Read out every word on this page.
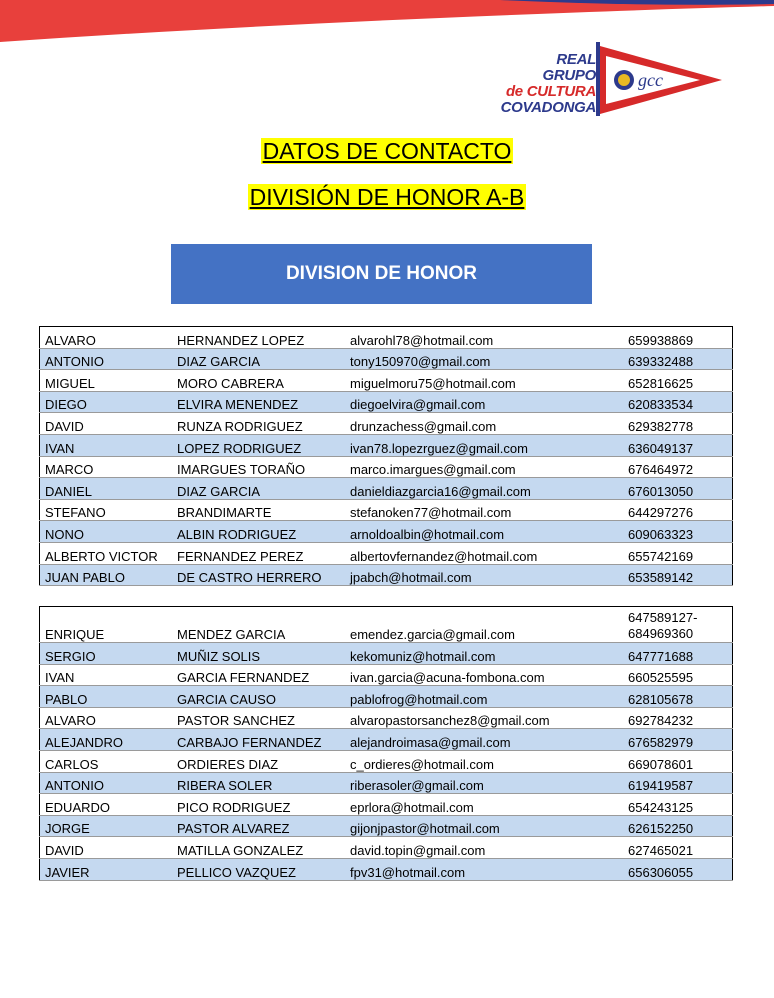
REAL GRUPO
de CULTURA
COVADONGA
gcc
DATOS DE CONTACTO
DIVISIÓN DE HONOR A-B
DIVISION DE HONOR
ALVARO	HERNANDEZ LOPEZ	alvarohl78@hotmail.com	659938869
ANTONIO	DIAZ GARCIA	tony150970@gmail.com	639332488
MIGUEL	MORO CABRERA	miguelmoru75@hotmail.com	652816625
DIEGO	ELVIRA MENENDEZ	diegoelvira@gmail.com	620833534
DAVID	RUNZA RODRIGUEZ	drunzachess@gmail.com	629382778
IVAN	LOPEZ RODRIGUEZ	ivan78.lopezrguez@gmail.com	636049137
MARCO	IMARGUES TORAÑO	marco.imargues@gmail.com	676464972
DANIEL	DIAZ GARCIA	danieldiazgarcia16@gmail.com	676013050
STEFANO	BRANDIMARTE	stefanoken77@hotmail.com	644297276
NONO	ALBIN RODRIGUEZ	arnoldoalbin@hotmail.com	609063323
ALBERTO VICTOR	FERNANDEZ PEREZ	albertovfernandez@hotmail.com	655742169
JUAN PABLO	DE CASTRO HERRERO	jpabch@hotmail.com	653589142
ENRIQUE	MENDEZ GARCIA	emendez.garcia@gmail.com	647589127-
684969360

SERGIO	MUÑIZ SOLIS	kekomuniz@hotmail.com	647771688
IVAN	GARCIA FERNANDEZ	ivan.garcia@acuna-fombona.com	660525595
PABLO	GARCIA CAUSO	pablofrog@hotmail.com	628105678
ALVARO	PASTOR SANCHEZ	alvaropastorsanchez8@gmail.com	692784232
ALEJANDRO	CARBAJO FERNANDEZ	alejandroimasa@gmail.com	676582979
CARLOS	ORDIERES DIAZ	c_ordieres@hotmail.com	669078601
ANTONIO	RIBERA SOLER	riberasoler@gmail.com	619419587
EDUARDO	PICO RODRIGUEZ	eprlora@hotmail.com	654243125
JORGE	PASTOR ALVAREZ	gijonjpastor@hotmail.com	626152250
DAVID	MATILLA GONZALEZ	david.topin@gmail.com	627465021
JAVIER	PELLICO VAZQUEZ	fpv31@hotmail.com	656306055
